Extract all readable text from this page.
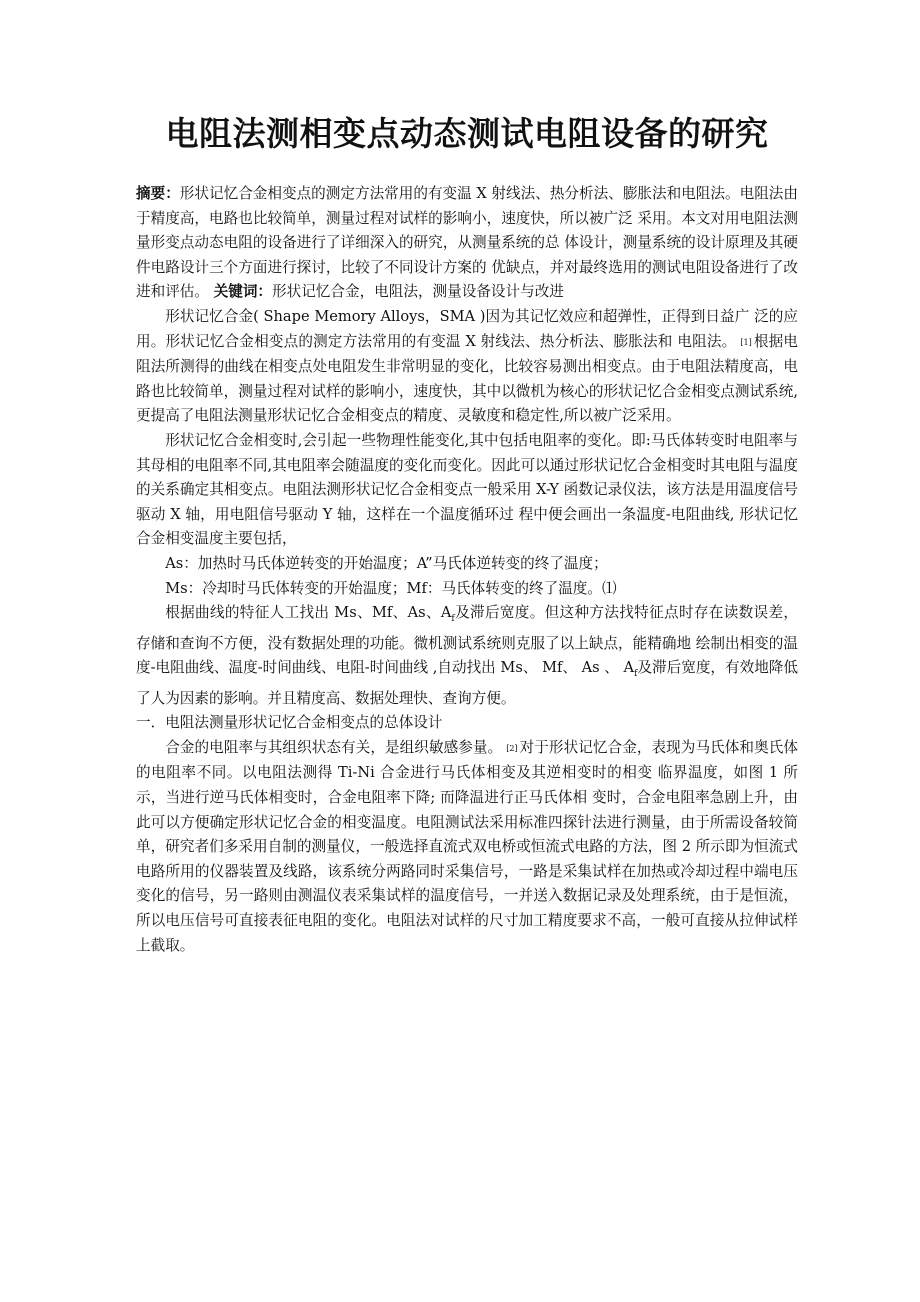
电阻法测相变点动态测试电阻设备的研究

摘要：形状记忆合金相变点的测定方法常用的有变温 X 射线法、热分析法、膨胀法和电阻法。电阻法由于精度高，电路也比较简单，测量过程对试样的影响小，速度快，所以被广泛 采用。本文对用电阻法测量形变点动态电阻的设备进行了详细深入的研究，从测量系统的总 体设计，测量系统的设计原理及其硬件电路设计三个方面进行探讨，比较了不同设计方案的 优缺点，并对最终选用的测试电阻设备进行了改进和评估。 关键词：形状记忆合金，电阻法，测量设备设计与改进

形状记忆合金( Shape Memory Alloys，SMA )因为其记忆效应和超弹性，正得到日益广 泛的应用。形状记忆合金相变点的测定方法常用的有变温 X 射线法、热分析法、膨胀法和 电阻法。 [1] 根据电阻法所测得的曲线在相变点处电阻发生非常明显的变化，比较容易测出相变点。由于电阻法精度高，电路也比较简单，测量过程对试样的影响小，速度快，其中以微机为核心的形状记忆合金相变点测试系统,更提高了电阻法测量形状记忆合金相变点的精度、灵敏度和稳定性,所以被广泛采用。

形状记忆合金相变时,会引起一些物理性能变化,其中包括电阻率的变化。即:马氏体转变时电阻率与其母相的电阻率不同,其电阻率会随温度的变化而变化。因此可以通过形状记忆合金相变时其电阻与温度的关系确定其相变点。电阻法测形状记忆合金相变点一般采用 X-Y 函数记录仪法，该方法是用温度信号驱动 X 轴，用电阻信号驱动 Y 轴，这样在一个温度循环过 程中便会画出一条温度-电阻曲线, 形状记忆合金相变温度主要包括，

As：加热时马氏体逆转变的开始温度；A”马氏体逆转变的终了温度；

Ms：冷却时马氏体转变的开始温度；Mf：马氏体转变的终了温度。⑴

根据曲线的特征人工找出 Ms、Mf、As、$A_f$及滞后宽度。但这种方法找特征点时存在读数误差，存储和查询不方便，没有数据处理的功能。微机测试系统则克服了以上缺点，能精确地 绘制出相变的温度-电阻曲线、温度-时间曲线、电阻-时间曲线 ,自动找出 Ms、 Mf、 As 、 $A_f$及滞后宽度，有效地降低了人为因素的影响。并且精度高、数据处理快、查询方便。

一．电阻法测量形状记忆合金相变点的总体设计

合金的电阻率与其组织状态有关，是组织敏感参量。 [2] 对于形状记忆合金，表现为马氏体和奥氏体的电阻率不同。以电阻法测得 Ti-Ni 合金进行马氏体相变及其逆相变时的相变 临界温度，如图 1 所示，当进行逆马氏体相变时，合金电阻率下降; 而降温进行正马氏体相 变时，合金电阻率急剧上升，由此可以方便确定形状记忆合金的相变温度。电阻测试法采用标准四探针法进行测量，由于所需设备较简单，研究者们多采用自制的测量仪，一般选择直流式双电桥或恒流式电路的方法，图 2 所示即为恒流式电路所用的仪器装置及线路，该系统分两路同时采集信号，一路是采集试样在加热或冷却过程中端电压变化的信号，另一路则由测温仪表采集试样的温度信号，一并送入数据记录及处理系统，由于是恒流，所以电压信号可直接表征电阻的变化。电阻法对试样的尺寸加工精度要求不高，一般可直接从拉伸试样上截取。
